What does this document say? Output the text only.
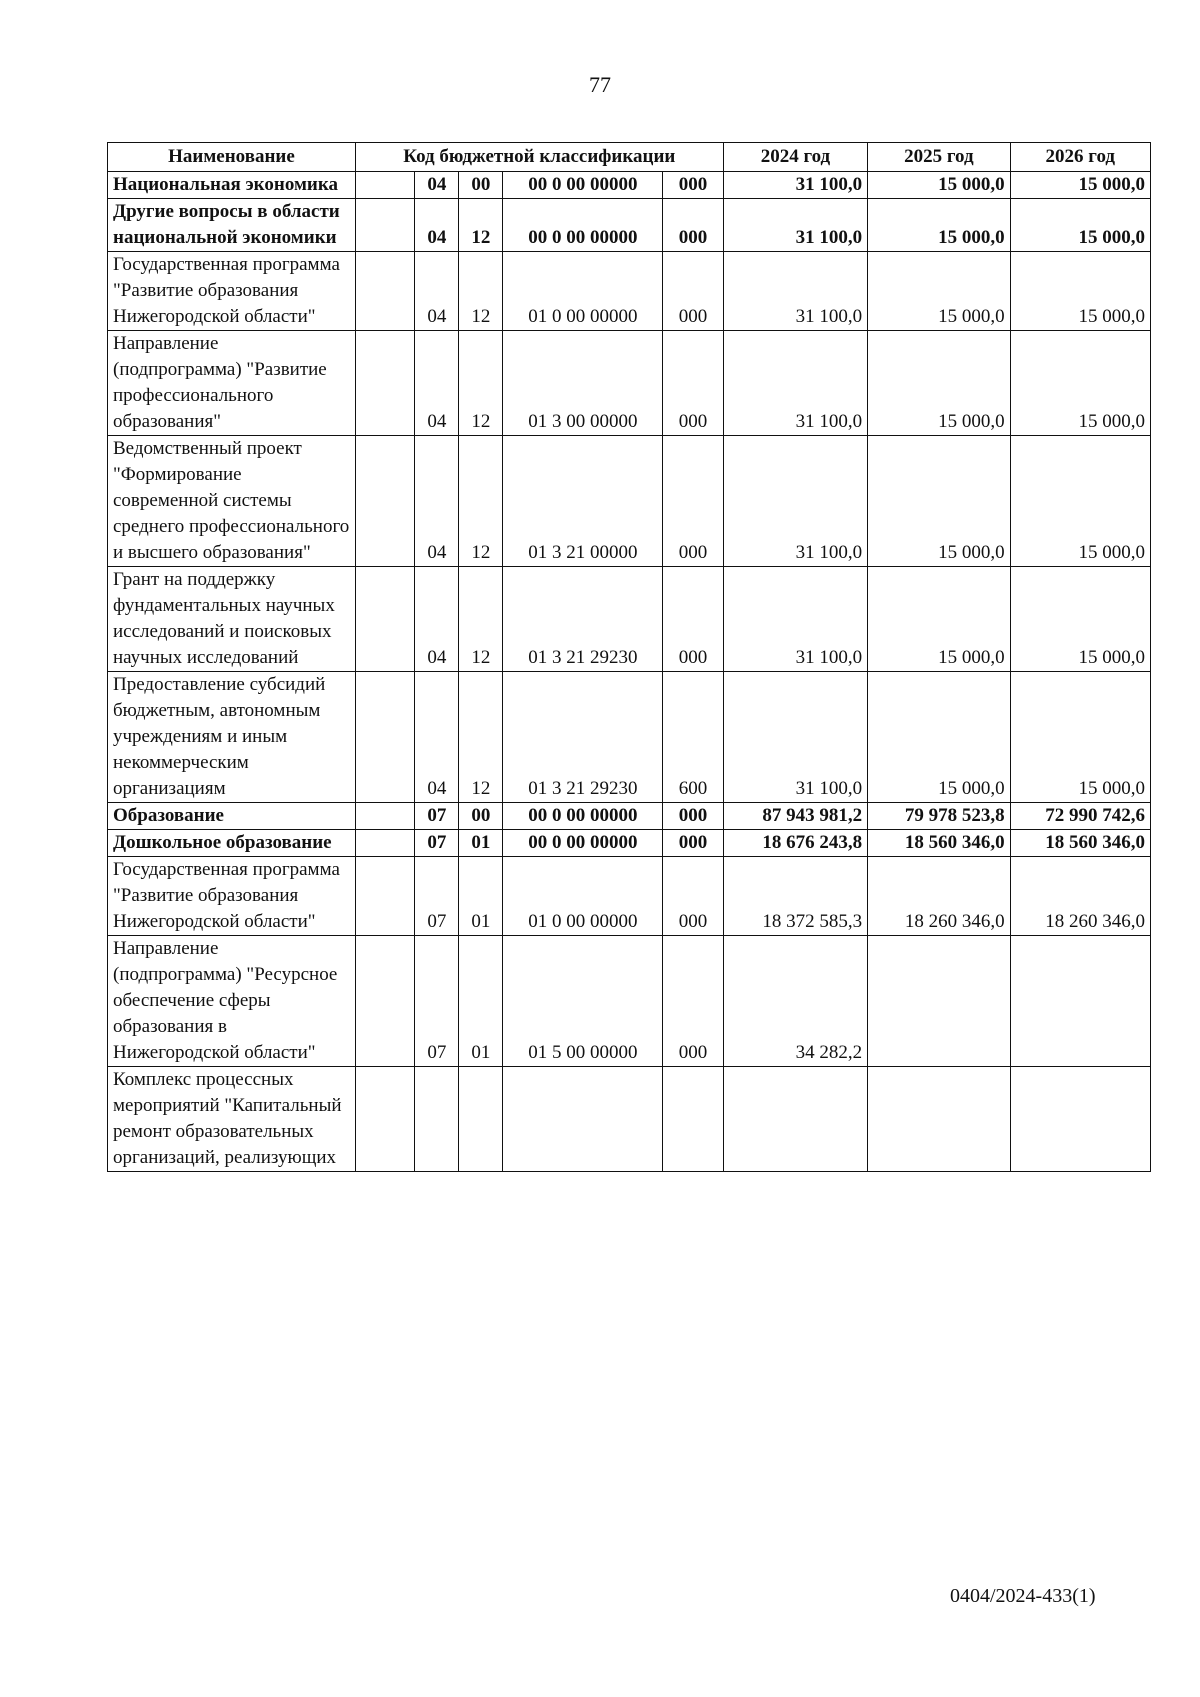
77
Наименование	Код бюджетной классификации					2024 год	2025 год	2026 год
Национальная экономика		04	00	00 0 00 00000	000	31 100,0	15 000,0	15 000,0
Другие вопросы в области национальной экономики		04	12	00 0 00 00000	000	31 100,0	15 000,0	15 000,0
Государственная программа "Развитие образования Нижегородской области"		04	12	01 0 00 00000	000	31 100,0	15 000,0	15 000,0
Направление (подпрограмма) "Развитие профессионального образования"		04	12	01 3 00 00000	000	31 100,0	15 000,0	15 000,0
Ведомственный проект "Формирование современной системы среднего профессионального и высшего образования"		04	12	01 3 21 00000	000	31 100,0	15 000,0	15 000,0
Грант на поддержку фундаментальных научных исследований и поисковых научных исследований		04	12	01 3 21 29230	000	31 100,0	15 000,0	15 000,0
Предоставление субсидий бюджетным, автономным учреждениям и иным некоммерческим организациям		04	12	01 3 21 29230	600	31 100,0	15 000,0	15 000,0
Образование		07	00	00 0 00 00000	000	87 943 981,2	79 978 523,8	72 990 742,6
Дошкольное образование		07	01	00 0 00 00000	000	18 676 243,8	18 560 346,0	18 560 346,0
Государственная программа "Развитие образования Нижегородской области"		07	01	01 0 00 00000	000	18 372 585,3	18 260 346,0	18 260 346,0
Направление (подпрограмма) "Ресурсное обеспечение сферы образования в Нижегородской области"		07	01	01 5 00 00000	000	34 282,2		
Комплекс процессных мероприятий "Капитальный ремонт образовательных организаций, реализующих								
0404/2024-433(1)
